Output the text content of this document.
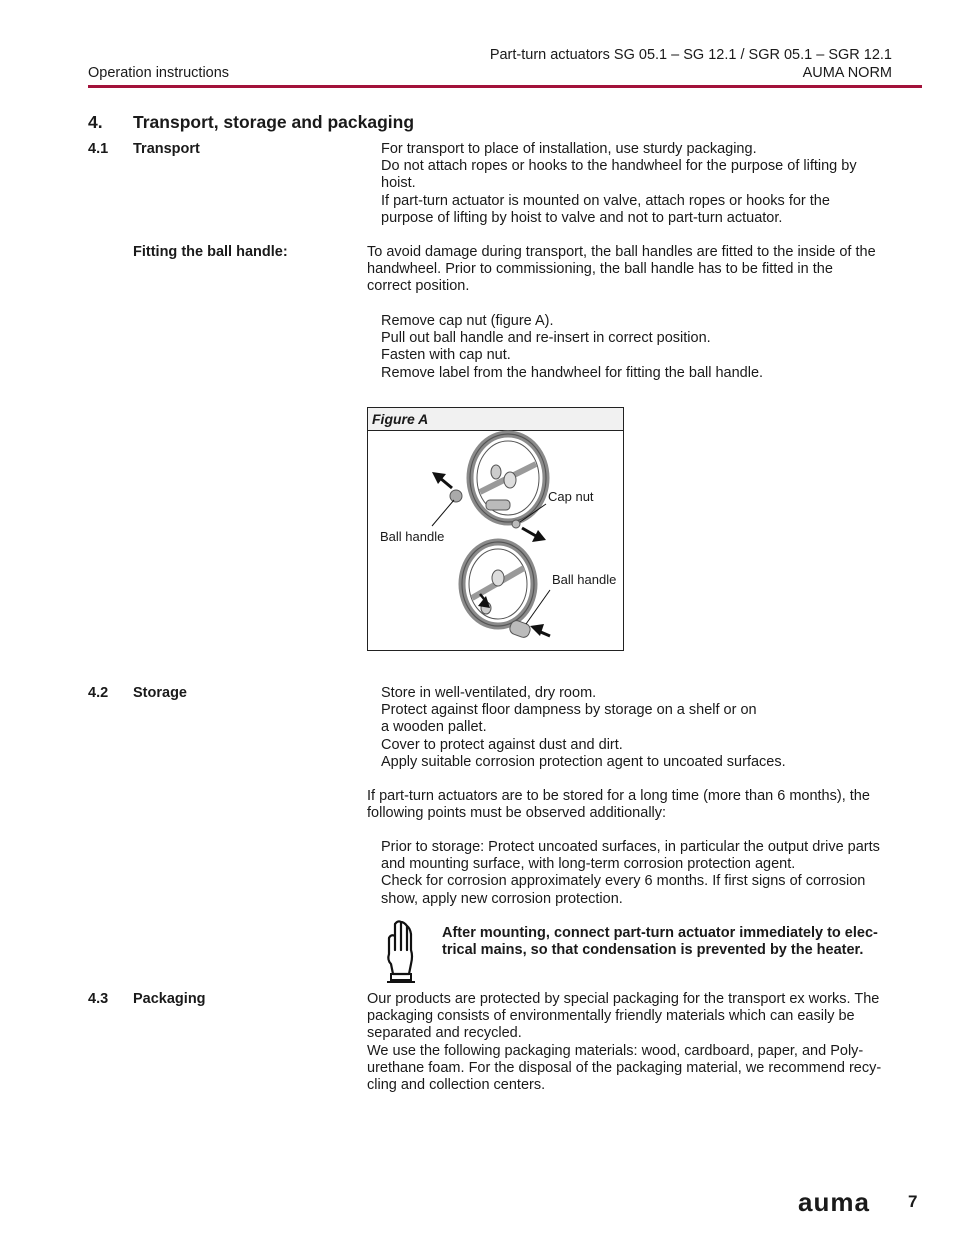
Operation instructions
Part-turn actuators SG 05.1 – SG 12.1 / SGR 05.1 – SGR 12.1
AUMA NORM
4. Transport, storage and packaging
4.1 Transport	For transport to place of installation, use sturdy packaging.
Do not attach ropes or hooks to the handwheel for the purpose of lifting by
hoist.
If part-turn actuator is mounted on valve, attach ropes or hooks for the
purpose of lifting by hoist to valve and not to part-turn actuator.
Fitting the ball handle:	To avoid damage during transport, the ball handles are fitted to the inside of the
handwheel. Prior to commissioning, the ball handle has to be fitted in the
correct position.
Remove cap nut (figure A).
Pull out ball handle and re-insert in correct position.
Fasten with cap nut.
Remove label from the handwheel for fitting the ball handle.
Figure A
Cap nut
Ball handle
Ball handle
4.2 Storage	Store in well-ventilated, dry room.
Protect against floor dampness by storage on a shelf or on
a wooden pallet.
Cover to protect against dust and dirt.
Apply suitable corrosion protection agent to uncoated surfaces.
If part-turn actuators are to be stored for a long time (more than 6 months), the
following points must be observed additionally:
Prior to storage: Protect uncoated surfaces, in particular the output drive parts
and mounting surface, with long-term corrosion protection agent.
Check for corrosion approximately every 6 months. If first signs of corrosion
show, apply new corrosion protection.
After mounting, connect part-turn actuator immediately to elec-
trical mains, so that condensation is prevented by the heater.
4.3 Packaging	Our products are protected by special packaging for the transport ex works. The
packaging consists of environmentally friendly materials which can easily be
separated and recycled.
We use the following packaging materials: wood, cardboard, paper, and Poly-
urethane foam. For the disposal of the packaging material, we recommend recy-
cling and collection centers.
auma 7
